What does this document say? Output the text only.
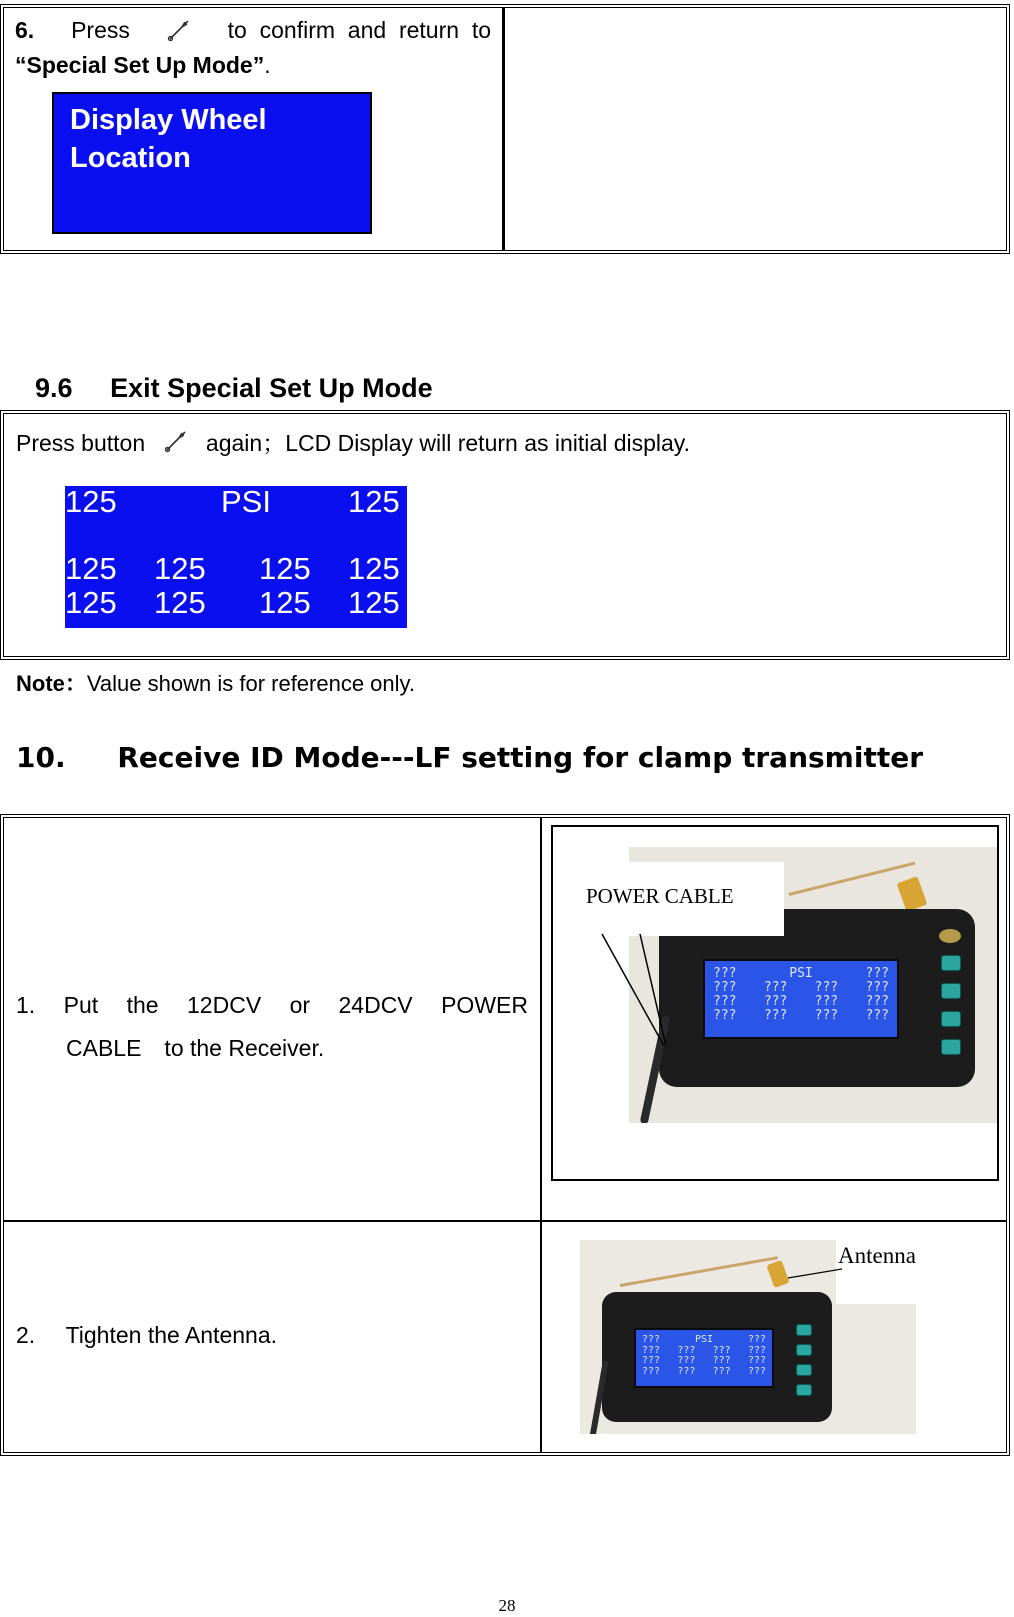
6. Press	to  confirm  and  return  to
“Special Set Up Mode”.
Display Wheel
Location
9.6 Exit Special Set Up Mode
Press button	again；LCD Display will return as initial display.
125	PSI 125
125 125 125 125
125 125 125 125
Note：Value shown is for reference only.
10. Receive ID Mode---LF setting for clamp transmitter
1. Put the 12DCV or 24DCV POWER
CABLE　to the Receiver.
???	PSI	???
??? ??? ??? ???
??? ??? ??? ???
??? ??? ??? ???
POWER CABLE
2. Tighten the Antenna.	???	PSI	???
??? ??? ??? ???
??? ??? ??? ???
??? ??? ??? ???
Antenna
28
